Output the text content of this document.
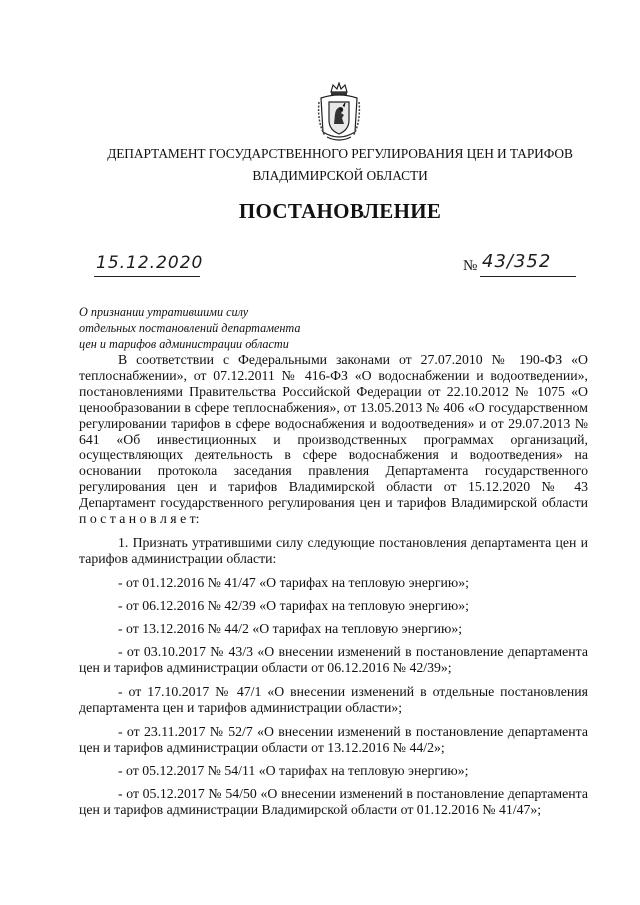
ДЕПАРТАМЕНТ ГОСУДАРСТВЕННОГО РЕГУЛИРОВАНИЯ ЦЕН И ТАРИФОВ
ВЛАДИМИРСКОЙ ОБЛАСТИ
ПОСТАНОВЛЕНИЕ
15.12.2020	№ 43/352
О признании утратившими силу
отдельных постановлений департамента
цен и тарифов администрации области
В соответствии с Федеральными законами от 27.07.2010 № 190-ФЗ «О
теплоснабжении», от 07.12.2011 № 416-ФЗ «О водоснабжении и водоотведении»,
постановлениями Правительства Российской Федерации от 22.10.2012 № 1075 «О
ценообразовании в сфере теплоснабжения», от 13.05.2013 № 406 «О государственном
регулировании тарифов в сфере водоснабжения и водоотведения» и от 29.07.2013 №
641 «Об инвестиционных и производственных программах организаций,
осуществляющих деятельность в сфере водоснабжения и водоотведения» на
основании протокола заседания правления Департамента государственного
регулирования цен и тарифов Владимирской области от 15.12.2020 № 43
Департамент государственного регулирования цен и тарифов Владимирской области
п о с т а н о в л я е т:
1. Признать утратившими силу следующие постановления департамента цен и
тарифов администрации области:
- от 01.12.2016 № 41/47 «О тарифах на тепловую энергию»;
- от 06.12.2016 № 42/39 «О тарифах на тепловую энергию»;
- от 13.12.2016 № 44/2 «О тарифах на тепловую энергию»;
- от 03.10.2017 № 43/3 «О внесении изменений в постановление департамента
цен и тарифов администрации области от 06.12.2016 № 42/39»;
- от 17.10.2017 № 47/1 «О внесении изменений в отдельные постановления
департамента цен и тарифов администрации области»;
- от 23.11.2017 № 52/7 «О внесении изменений в постановление департамента
цен и тарифов администрации области от 13.12.2016 № 44/2»;
- от 05.12.2017 № 54/11 «О тарифах на тепловую энергию»;
- от 05.12.2017 № 54/50 «О внесении изменений в постановление департамента
цен и тарифов администрации Владимирской области от 01.12.2016 № 41/47»;
